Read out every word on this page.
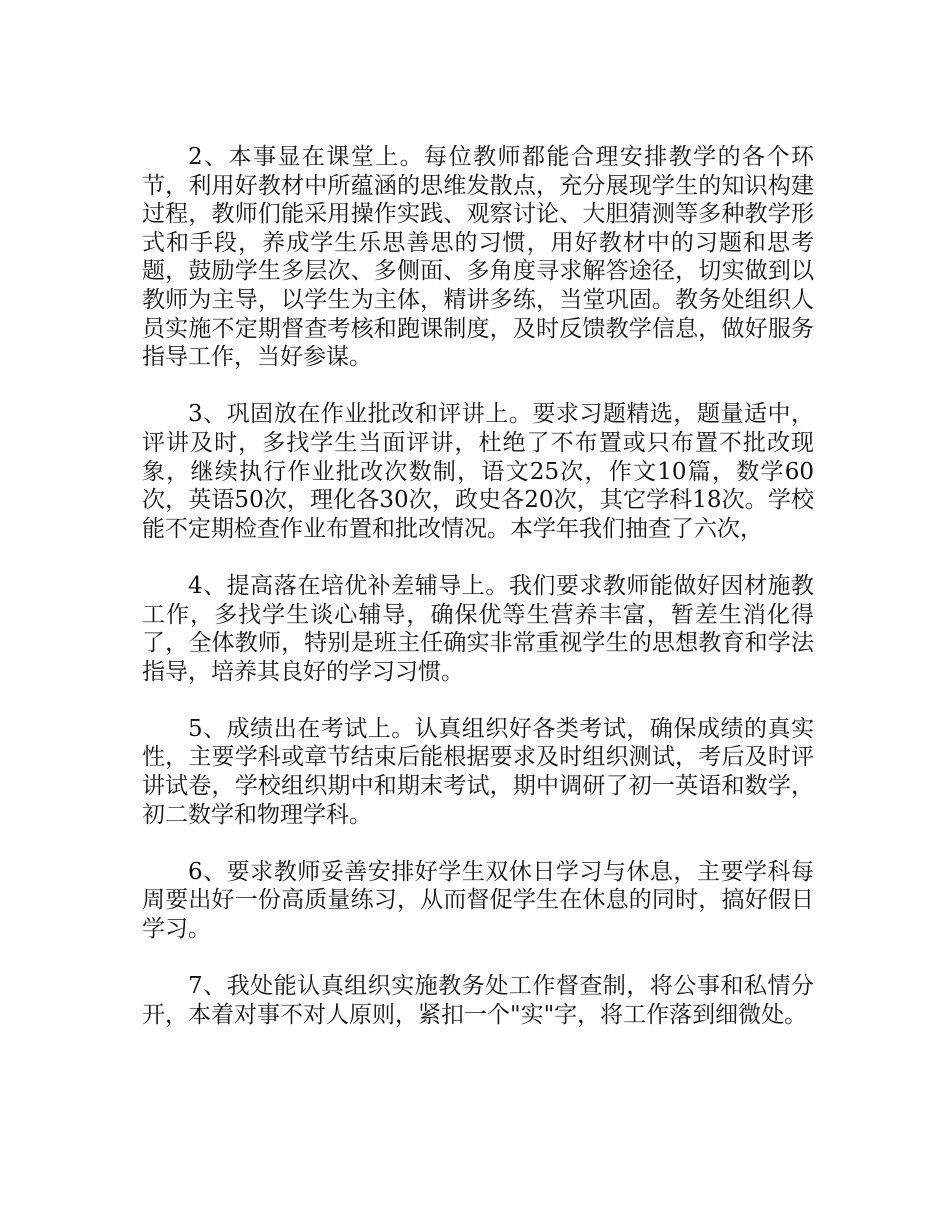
2、本事显在课堂上。每位教师都能合理安排教学的各个环节，利用好教材中所蕴涵的思维发散点，充分展现学生的知识构建过程，教师们能采用操作实践、观察讨论、大胆猜测等多种教学形式和手段，养成学生乐思善思的习惯，用好教材中的习题和思考题，鼓励学生多层次、多侧面、多角度寻求解答途径，切实做到以教师为主导，以学生为主体，精讲多练，当堂巩固。教务处组织人员实施不定期督查考核和跑课制度，及时反馈教学信息，做好服务指导工作，当好参谋。

3、巩固放在作业批改和评讲上。要求习题精选，题量适中，评讲及时，多找学生当面评讲，杜绝了不布置或只布置不批改现象，继续执行作业批改次数制，语文25次，作文10篇，数学60次，英语50次，理化各30次，政史各20次，其它学科18次。学校能不定期检查作业布置和批改情况。本学年我们抽查了六次，

4、提高落在培优补差辅导上。我们要求教师能做好因材施教工作，多找学生谈心辅导，确保优等生营养丰富，暂差生消化得了，全体教师，特别是班主任确实非常重视学生的思想教育和学法指导，培养其良好的学习习惯。

5、成绩出在考试上。认真组织好各类考试，确保成绩的真实性，主要学科或章节结束后能根据要求及时组织测试，考后及时评讲试卷，学校组织期中和期末考试，期中调研了初一英语和数学，初二数学和物理学科。

6、要求教师妥善安排好学生双休日学习与休息，主要学科每周要出好一份高质量练习，从而督促学生在休息的同时，搞好假日学习。

7、我处能认真组织实施教务处工作督查制，将公事和私情分开，本着对事不对人原则，紧扣一个"实"字，将工作落到细微处。
